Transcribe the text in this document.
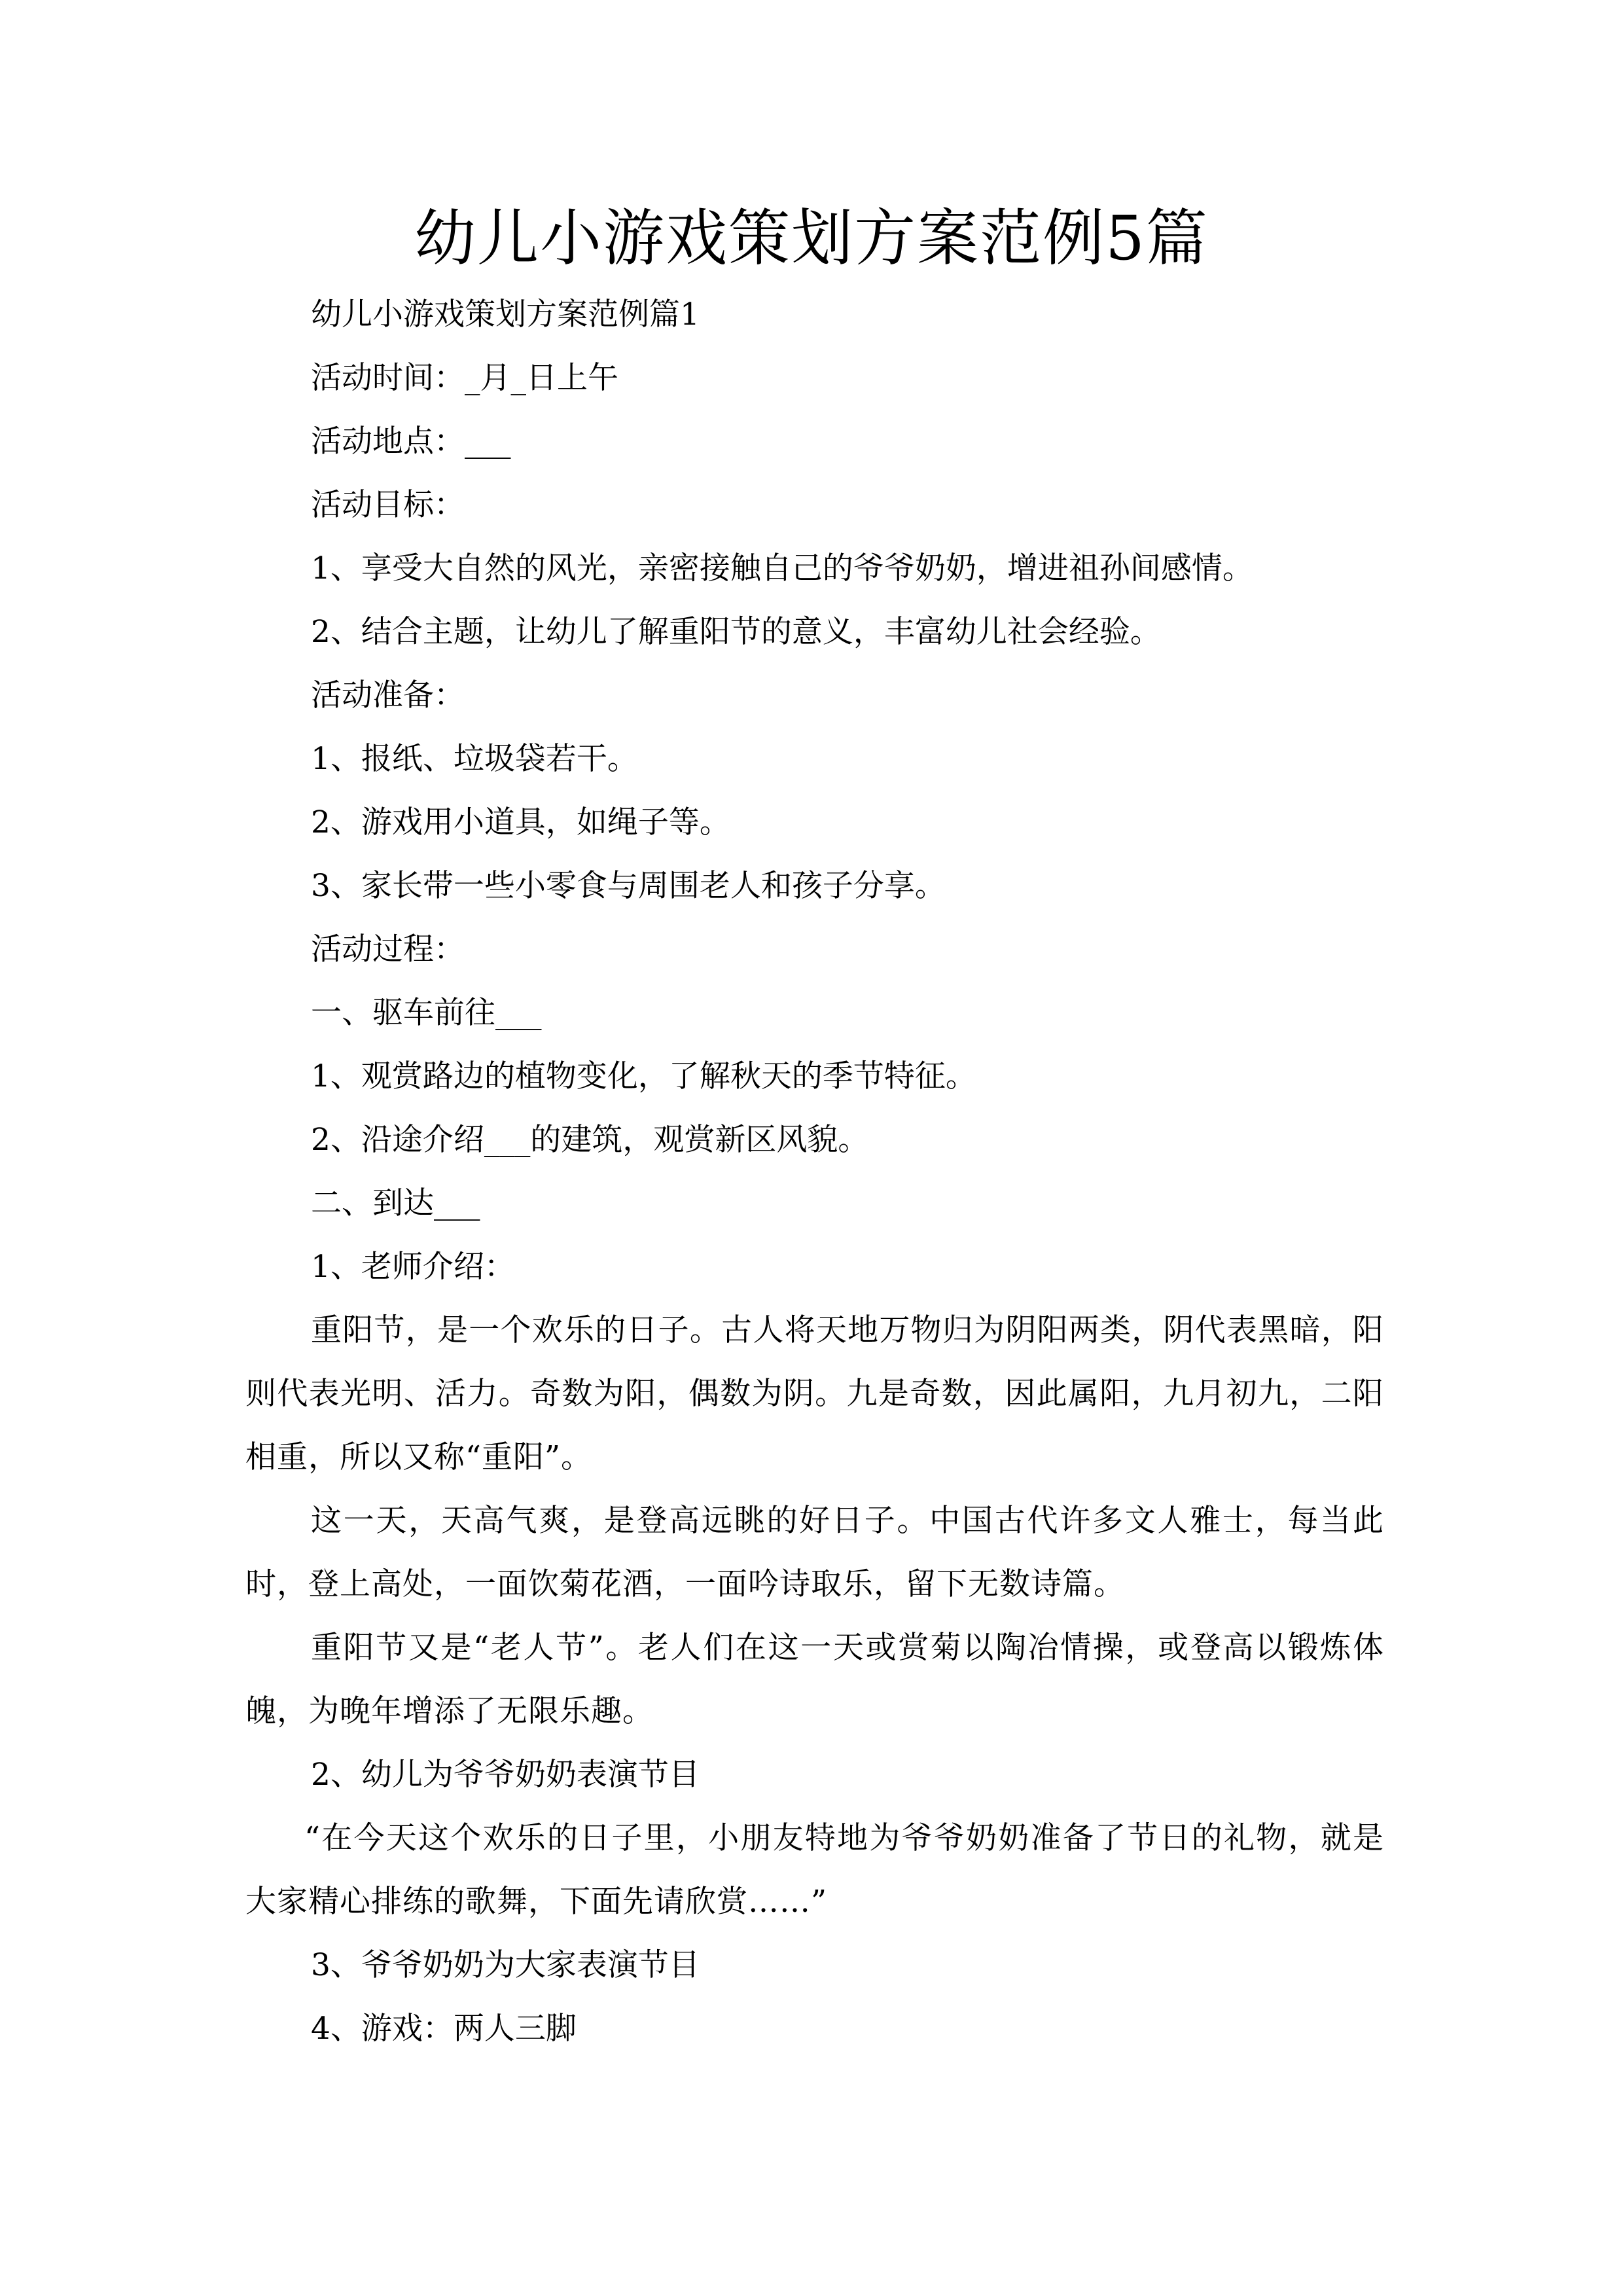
幼儿小游戏策划方案范例5篇

幼儿小游戏策划方案范例篇1

活动时间：_月_日上午

活动地点：___

活动目标：

1、享受大自然的风光，亲密接触自己的爷爷奶奶，增进祖孙间感情。

2、结合主题，让幼儿了解重阳节的意义，丰富幼儿社会经验。

活动准备：

1、报纸、垃圾袋若干。

2、游戏用小道具，如绳子等。

3、家长带一些小零食与周围老人和孩子分享。

活动过程：

一、驱车前往___

1、观赏路边的植物变化，了解秋天的季节特征。

2、沿途介绍___的建筑，观赏新区风貌。

二、到达___

1、老师介绍：

重阳节，是一个欢乐的日子。古人将天地万物归为阴阳两类，阴代表黑暗，阳则代表光明、活力。奇数为阳，偶数为阴。九是奇数，因此属阳，九月初九，二阳相重，所以又称“重阳”。

这一天，天高气爽，是登高远眺的好日子。中国古代许多文人雅士，每当此时，登上高处，一面饮菊花酒，一面吟诗取乐，留下无数诗篇。

重阳节又是“老人节”。老人们在这一天或赏菊以陶冶情操，或登高以锻炼体魄，为晚年增添了无限乐趣。

2、幼儿为爷爷奶奶表演节目

“在今天这个欢乐的日子里，小朋友特地为爷爷奶奶准备了节日的礼物，就是大家精心排练的歌舞，下面先请欣赏……”

3、爷爷奶奶为大家表演节目

4、游戏：两人三脚
